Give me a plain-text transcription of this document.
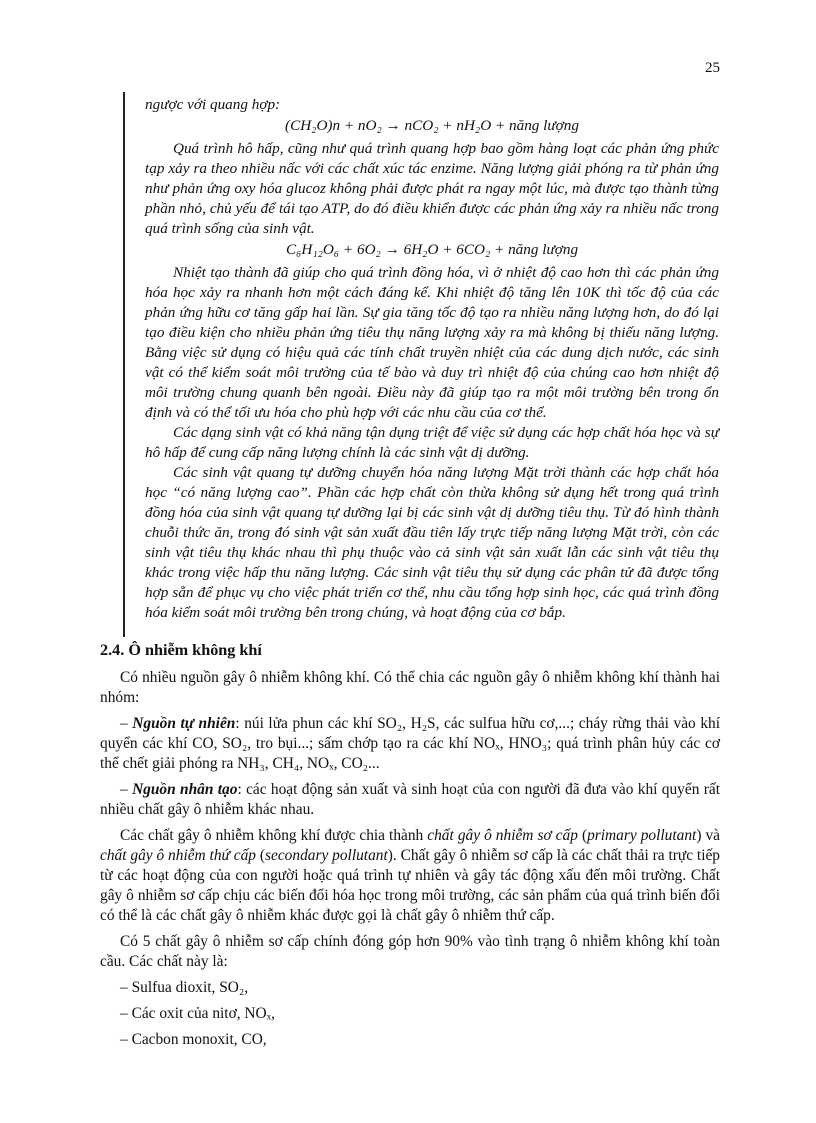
25

ngược với quang hợp:

(CH₂O)n + nO₂ → nCO₂ + nH₂O + năng lượng

Quá trình hô hấp, cũng như quá trình quang hợp bao gồm hàng loạt các phản ứng phức tạp xảy ra theo nhiều nấc với các chất xúc tác enzime. Năng lượng giải phóng ra từ phản ứng như phản ứng oxy hóa glucoz không phải được phát ra ngay một lúc, mà được tạo thành từng phần nhỏ, chủ yếu để tái tạo ATP, do đó điều khiển được các phản ứng xảy ra nhiều nấc trong quá trình sống của sinh vật.

C₆H₁₂O₆ + 6O₂ → 6H₂O + 6CO₂ + năng lượng

Nhiệt tạo thành đã giúp cho quá trình đồng hóa, vì ở nhiệt độ cao hơn thì các phản ứng hóa học xảy ra nhanh hơn một cách đáng kể. Khi nhiệt độ tăng lên 10K thì tốc độ của các phản ứng hữu cơ tăng gấp hai lần. Sự gia tăng tốc độ tạo ra nhiều năng lượng hơn, do đó lại tạo điều kiện cho nhiều phản ứng tiêu thụ năng lượng xảy ra mà không bị thiếu năng lượng. Bằng việc sử dụng có hiệu quả các tính chất truyền nhiệt của các dung dịch nước, các sinh vật có thể kiểm soát môi trường của tế bào và duy trì nhiệt độ của chúng cao hơn nhiệt độ môi trường chung quanh bên ngoài. Điều này đã giúp tạo ra một môi trường bên trong ổn định và có thể tối ưu hóa cho phù hợp với các nhu cầu của cơ thể.

Các dạng sinh vật có khả năng tận dụng triệt để việc sử dụng các hợp chất hóa học và sự hô hấp để cung cấp năng lượng chính là các sinh vật dị dưỡng.

Các sinh vật quang tự dưỡng chuyển hóa năng lượng Mặt trời thành các hợp chất hóa học “có năng lượng cao”. Phần các hợp chất còn thừa không sử dụng hết trong quá trình đồng hóa của sinh vật quang tự dưỡng lại bị các sinh vật dị dưỡng tiêu thụ. Từ đó hình thành chuỗi thức ăn, trong đó sinh vật sản xuất đầu tiên lấy trực tiếp năng lượng Mặt trời, còn các sinh vật tiêu thụ khác nhau thì phụ thuộc vào cả sinh vật sản xuất lẫn các sinh vật tiêu thụ khác trong việc hấp thu năng lượng. Các sinh vật tiêu thụ sử dụng các phân tử đã được tổng hợp sẵn để phục vụ cho việc phát triển cơ thể, nhu cầu tổng hợp sinh học, các quá trình đồng hóa kiểm soát môi trường bên trong chúng, và hoạt động của cơ bắp.

2.4. Ô nhiễm không khí

Có nhiều nguồn gây ô nhiễm không khí. Có thể chia các nguồn gây ô nhiễm không khí thành hai nhóm:

– Nguồn tự nhiên: núi lửa phun các khí SO₂, H₂S, các sulfua hữu cơ,...; cháy rừng thải vào khí quyển các khí CO, SO₂, tro bụi...; sấm chớp tạo ra các khí NOₓ, HNO₃; quá trình phân hủy các cơ thể chết giải phóng ra NH₃, CH₄, NOₓ, CO₂...

– Nguồn nhân tạo: các hoạt động sản xuất và sinh hoạt của con người đã đưa vào khí quyển rất nhiều chất gây ô nhiễm khác nhau.

Các chất gây ô nhiễm không khí được chia thành chất gây ô nhiễm sơ cấp (primary pollutant) và chất gây ô nhiễm thứ cấp (secondary pollutant). Chất gây ô nhiễm sơ cấp là các chất thải ra trực tiếp từ các hoạt động của con người hoặc quá trình tự nhiên và gây tác động xấu đến môi trường. Chất gây ô nhiễm sơ cấp chịu các biến đổi hóa học trong môi trường, các sản phẩm của quá trình biến đổi có thể là các chất gây ô nhiễm khác được gọi là chất gây ô nhiễm thứ cấp.

Có 5 chất gây ô nhiễm sơ cấp chính đóng góp hơn 90% vào tình trạng ô nhiễm không khí toàn cầu. Các chất này là:

– Sulfua dioxit, SO₂,

– Các oxit của nitơ, NOₓ,

– Cacbon monoxit, CO,
